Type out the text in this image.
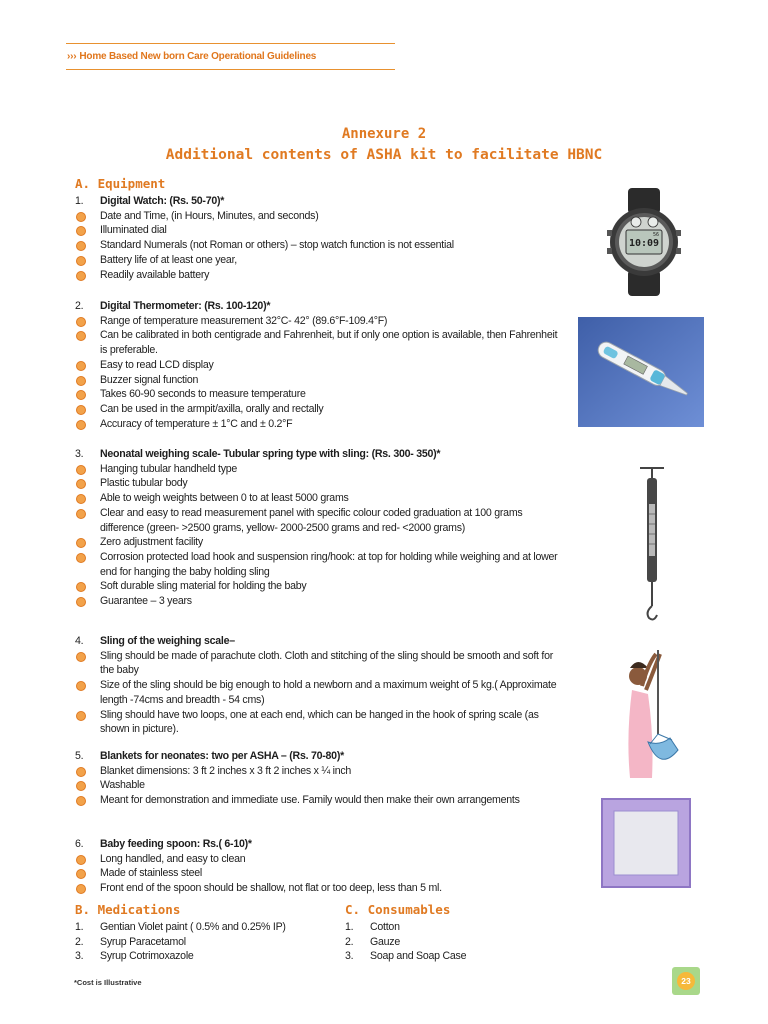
››› Home Based New born Care Operational Guidelines
Annexure 2
Additional contents of ASHA kit to facilitate HBNC
A. Equipment
1. Digital Watch: (Rs. 50-70)*
Date and Time, (in Hours, Minutes, and seconds)
Illuminated dial
Standard Numerals (not Roman or others) – stop watch function is not essential
Battery life of at least one year,
Readily available battery
2. Digital Thermometer: (Rs. 100-120)*
Range of temperature measurement 32°C- 42° (89.6°F-109.4°F)
Can be calibrated in both centigrade and Fahrenheit, but if only one option is available, then Fahrenheit is preferable.
Easy to read LCD display
Buzzer signal function
Takes 60-90 seconds to measure temperature
Can be used in the armpit/axilla, orally and rectally
Accuracy of temperature ± 1°C and ± 0.2°F
3. Neonatal weighing scale- Tubular spring type with sling: (Rs. 300- 350)*
Hanging tubular handheld type
Plastic tubular body
Able to weigh weights between 0 to at least 5000 grams
Clear and easy to read measurement panel with specific colour coded graduation at 100 grams difference (green- >2500 grams, yellow- 2000-2500 grams and red- <2000 grams)
Zero adjustment facility
Corrosion protected load hook and suspension ring/hook: at top for holding while weighing and at lower end for hanging the baby holding sling
Soft durable sling material for holding the baby
Guarantee – 3 years
4. Sling of the weighing scale–
Sling should be made of parachute cloth. Cloth and stitching of the sling should be smooth and soft for the baby
Size of the sling should be big enough to hold a newborn and a maximum weight of 5 kg.( Approximate length -74cms and breadth - 54 cms)
Sling should have two loops, one at each end, which can be hanged in the hook of spring scale (as shown in picture).
5. Blankets for neonates: two per ASHA – (Rs. 70-80)*
Blanket dimensions: 3 ft 2 inches x 3 ft 2 inches x ¼ inch
Washable
Meant for demonstration and immediate use. Family would then make their own arrangements
6. Baby feeding spoon: Rs.( 6-10)*
Long handled, and easy to clean
Made of stainless steel
Front end of the spoon should be shallow, not flat or too deep, less than 5 ml.
B. Medications	C. Consumables
1. Gentian Violet paint ( 0.5% and 0.25% IP)
2. Syrup Paracetamol
3. Syrup Cotrimoxazole
1. Cotton
2. Gauze
3. Soap and Soap Case
*Cost is Illustrative	23
10:09
56
